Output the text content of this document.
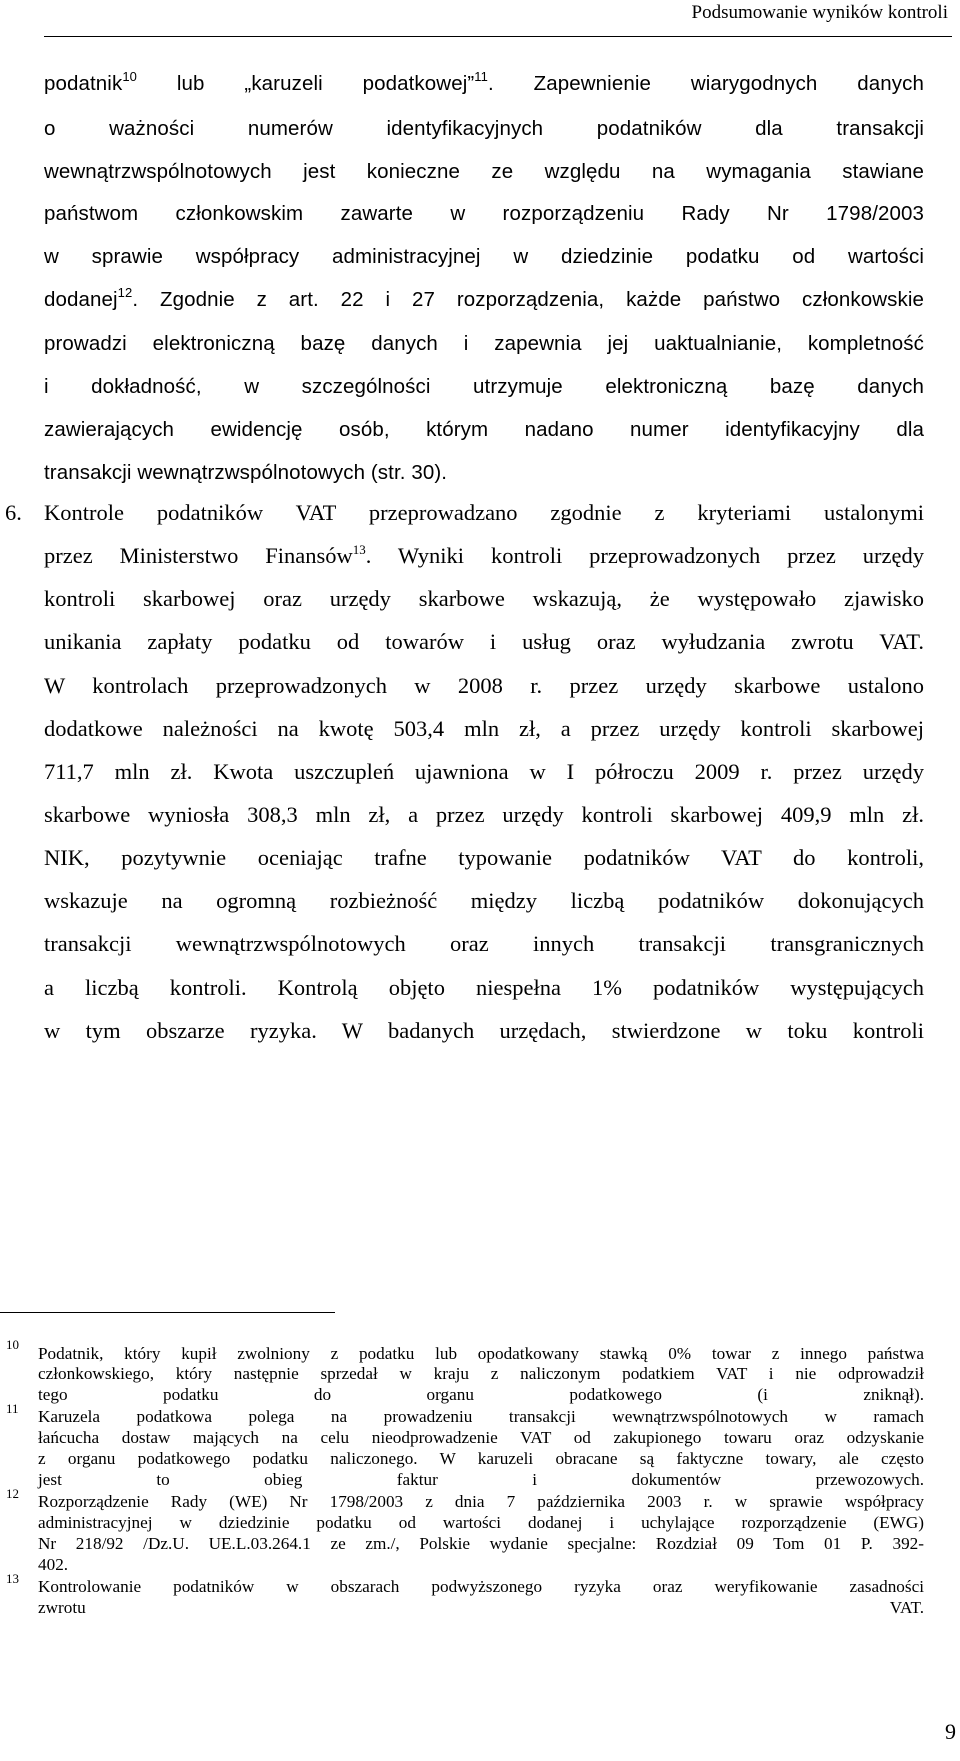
Podsumowanie wyników kontroli
podatnik$^{10}$ lub „karuzeli podatkowej”$^{11}$. Zapewnienie wiarygodnych danych
o ważności numerów identyfikacyjnych podatników dla transakcji
wewnątrzwspólnotowych jest konieczne ze względu na wymagania stawiane
państwom członkowskim zawarte w rozporządzeniu Rady Nr 1798/2003
w sprawie współpracy administracyjnej w dziedzinie podatku od wartości
dodanej$^{12}$. Zgodnie z art. 22 i 27 rozporządzenia, każde państwo członkowskie
prowadzi elektroniczną bazę danych i zapewnia jej uaktualnianie, kompletność
i dokładność, w szczególności utrzymuje elektroniczną bazę danych
zawierających ewidencję osób, którym nadano numer identyfikacyjny dla
transakcji wewnątrzwspólnotowych (str. 30).
6. Kontrole podatników VAT przeprowadzano zgodnie z kryteriami ustalonymi
przez Ministerstwo Finansów$^{13}$. Wyniki kontroli przeprowadzonych przez urzędy
kontroli skarbowej oraz urzędy skarbowe wskazują, że występowało zjawisko
unikania zapłaty podatku od towarów i usług oraz wyłudzania zwrotu VAT.
W kontrolach przeprowadzonych w 2008 r. przez urzędy skarbowe ustalono
dodatkowe należności na kwotę 503,4 mln zł, a przez urzędy kontroli skarbowej
711,7 mln zł. Kwota uszczupleń ujawniona w I półroczu 2009 r. przez urzędy
skarbowe wyniosła 308,3 mln zł, a przez urzędy kontroli skarbowej 409,9 mln zł.
NIK, pozytywnie oceniając trafne typowanie podatników VAT do kontroli,
wskazuje na ogromną rozbieżność między liczbą podatników dokonujących
transakcji wewnątrzwspólnotowych oraz innych transakcji transgranicznych
a liczbą kontroli. Kontrolą objęto niespełna 1% podatników występujących
w tym obszarze ryzyka. W badanych urzędach, stwierdzone w toku kontroli
10 Podatnik, który kupił zwolniony z podatku lub opodatkowany stawką 0% towar z innego państwa
członkowskiego, który następnie sprzedał w kraju z naliczonym podatkiem VAT i nie odprowadził
tego podatku do organu podatkowego (i zniknął).
11 Karuzela podatkowa polega na prowadzeniu transakcji wewnątrzwspólnotowych w ramach
łańcucha dostaw mających na celu nieodprowadzenie VAT od zakupionego towaru oraz odzyskanie
z organu podatkowego podatku naliczonego. W karuzeli obracane są faktyczne towary, ale często
jest to obieg faktur i dokumentów przewozowych.
12 Rozporządzenie Rady (WE) Nr 1798/2003 z dnia 7 października 2003 r. w sprawie współpracy
administracyjnej w dziedzinie podatku od wartości dodanej i uchylające rozporządzenie (EWG)
Nr 218/92 /Dz.U. UE.L.03.264.1 ze zm./, Polskie wydanie specjalne: Rozdział 09 Tom 01 P. 392-
402.
13 Kontrolowanie podatników w obszarach podwyższonego ryzyka oraz weryfikowanie zasadności
zwrotu VAT.
9
